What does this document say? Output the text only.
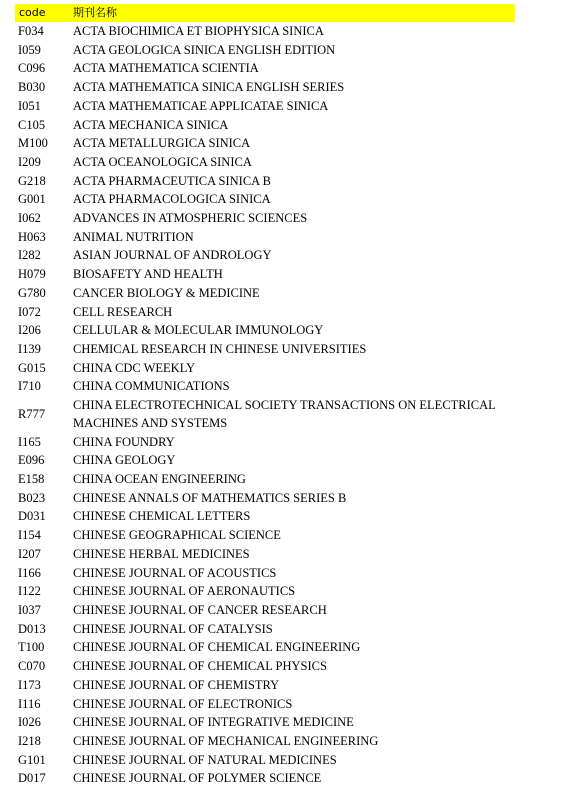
code	期刊名称
F034	ACTA BIOCHIMICA ET BIOPHYSICA SINICA
I059	ACTA GEOLOGICA SINICA ENGLISH EDITION
C096	ACTA MATHEMATICA SCIENTIA
B030	ACTA MATHEMATICA SINICA ENGLISH SERIES
I051	ACTA MATHEMATICAE APPLICATAE SINICA
C105	ACTA MECHANICA SINICA
M100	ACTA METALLURGICA SINICA
I209	ACTA OCEANOLOGICA SINICA
G218	ACTA PHARMACEUTICA SINICA B
G001	ACTA PHARMACOLOGICA SINICA
I062	ADVANCES IN ATMOSPHERIC SCIENCES
H063	ANIMAL NUTRITION
I282	ASIAN JOURNAL OF ANDROLOGY
H079	BIOSAFETY AND HEALTH
G780	CANCER BIOLOGY & MEDICINE
I072	CELL RESEARCH
I206	CELLULAR & MOLECULAR IMMUNOLOGY
I139	CHEMICAL RESEARCH IN CHINESE UNIVERSITIES
G015	CHINA CDC WEEKLY
I710	CHINA COMMUNICATIONS
R777	CHINA ELECTROTECHNICAL SOCIETY TRANSACTIONS ON ELECTRICAL MACHINES AND SYSTEMS
I165	CHINA FOUNDRY
E096	CHINA GEOLOGY
E158	CHINA OCEAN ENGINEERING
B023	CHINESE ANNALS OF MATHEMATICS SERIES B
D031	CHINESE CHEMICAL LETTERS
I154	CHINESE GEOGRAPHICAL SCIENCE
I207	CHINESE HERBAL MEDICINES
I166	CHINESE JOURNAL OF ACOUSTICS
I122	CHINESE JOURNAL OF AERONAUTICS
I037	CHINESE JOURNAL OF CANCER RESEARCH
D013	CHINESE JOURNAL OF CATALYSIS
T100	CHINESE JOURNAL OF CHEMICAL ENGINEERING
C070	CHINESE JOURNAL OF CHEMICAL PHYSICS
I173	CHINESE JOURNAL OF CHEMISTRY
I116	CHINESE JOURNAL OF ELECTRONICS
I026	CHINESE JOURNAL OF INTEGRATIVE MEDICINE
I218	CHINESE JOURNAL OF MECHANICAL ENGINEERING
G101	CHINESE JOURNAL OF NATURAL MEDICINES
D017	CHINESE JOURNAL OF POLYMER SCIENCE
